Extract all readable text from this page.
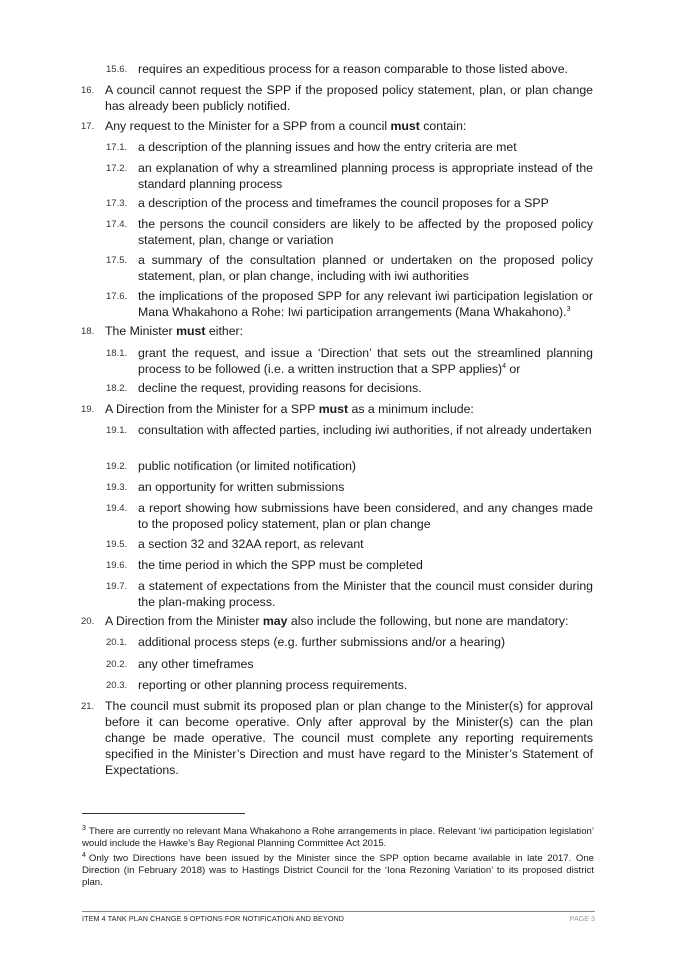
15.6. requires an expeditious process for a reason comparable to those listed above.
16. A council cannot request the SPP if the proposed policy statement, plan, or plan change has already been publicly notified.
17. Any request to the Minister for a SPP from a council must contain:
17.1. a description of the planning issues and how the entry criteria are met
17.2. an explanation of why a streamlined planning process is appropriate instead of the standard planning process
17.3. a description of the process and timeframes the council proposes for a SPP
17.4. the persons the council considers are likely to be affected by the proposed policy statement, plan, change or variation
17.5. a summary of the consultation planned or undertaken on the proposed policy statement, plan, or plan change, including with iwi authorities
17.6. the implications of the proposed SPP for any relevant iwi participation legislation or Mana Whakahono a Rohe: Iwi participation arrangements (Mana Whakahono).$^3$
18. The Minister must either:
18.1. grant the request, and issue a ‘Direction’ that sets out the streamlined planning process to be followed (i.e. a written instruction that a SPP applies)$^4$ or
18.2. decline the request, providing reasons for decisions.
19. A Direction from the Minister for a SPP must as a minimum include:
19.1. consultation with affected parties, including iwi authorities, if not already undertaken
19.2. public notification (or limited notification)
19.3. an opportunity for written submissions
19.4. a report showing how submissions have been considered, and any changes made to the proposed policy statement, plan or plan change
19.5. a section 32 and 32AA report, as relevant
19.6. the time period in which the SPP must be completed
19.7. a statement of expectations from the Minister that the council must consider during the plan-making process.
20. A Direction from the Minister may also include the following, but none are mandatory:
20.1. additional process steps (e.g. further submissions and/or a hearing)
20.2. any other timeframes
20.3. reporting or other planning process requirements.
21. The council must submit its proposed plan or plan change to the Minister(s) for approval before it can become operative. Only after approval by the Minister(s) can the plan change be made operative. The council must complete any reporting requirements specified in the Minister’s Direction and must have regard to the Minister’s Statement of Expectations.
$^3$ There are currently no relevant Mana Whakahono a Rohe arrangements in place. Relevant ‘iwi participation legislation’ would include the Hawke’s Bay Regional Planning Committee Act 2015.
$^4$ Only two Directions have been issued by the Minister since the SPP option became available in late 2017. One Direction (in February 2018) was to Hastings District Council for the ‘Iona Rezoning Variation’ to its proposed district plan.
ITEM 4 TANK PLAN CHANGE 9 OPTIONS FOR NOTIFICATION AND BEYOND	PAGE 3
